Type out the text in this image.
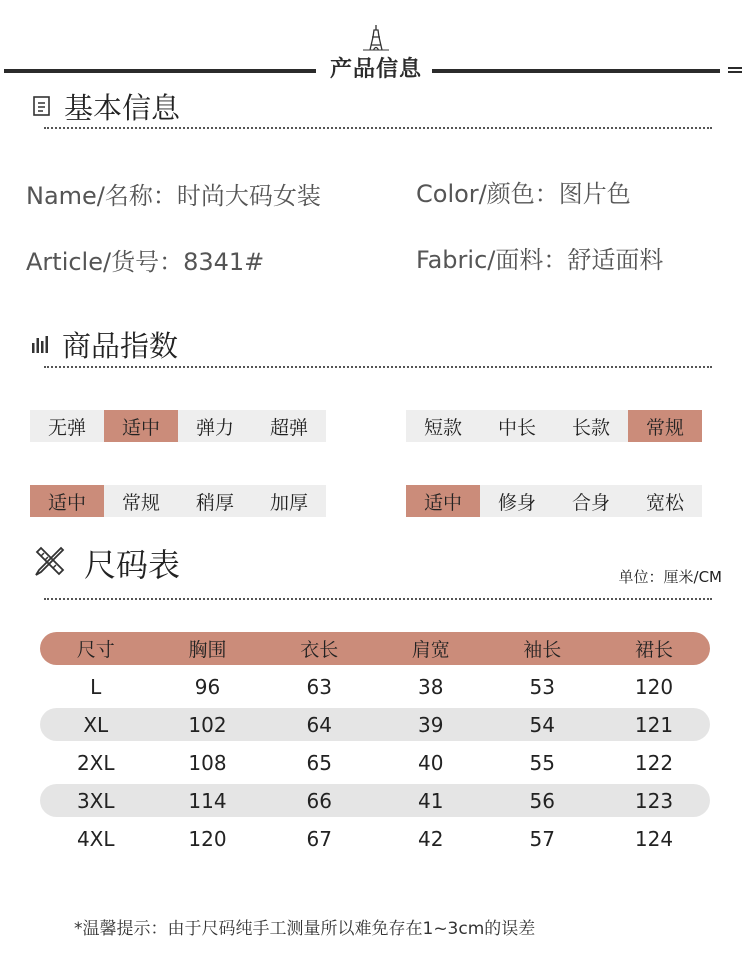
产品信息
基本信息
Name/名称：时尚大码女装	Color/颜色：图片色
Article/货号：8341#	Fabric/面料：舒适面料
商品指数
无弹	适中	弹力	超弹	短款	中长	长款	常规
适中	常规	稍厚	加厚	适中	修身	合身	宽松
尺码表	单位：厘米/CM
尺寸	胸围	衣长	肩宽	袖长	裙长
L	96	63	38	53	120
XL	102	64	39	54	121
2XL	108	65	40	55	122
3XL	114	66	41	56	123
4XL	120	67	42	57	124
*温馨提示：由于尺码纯手工测量所以难免存在1~3cm的误差
